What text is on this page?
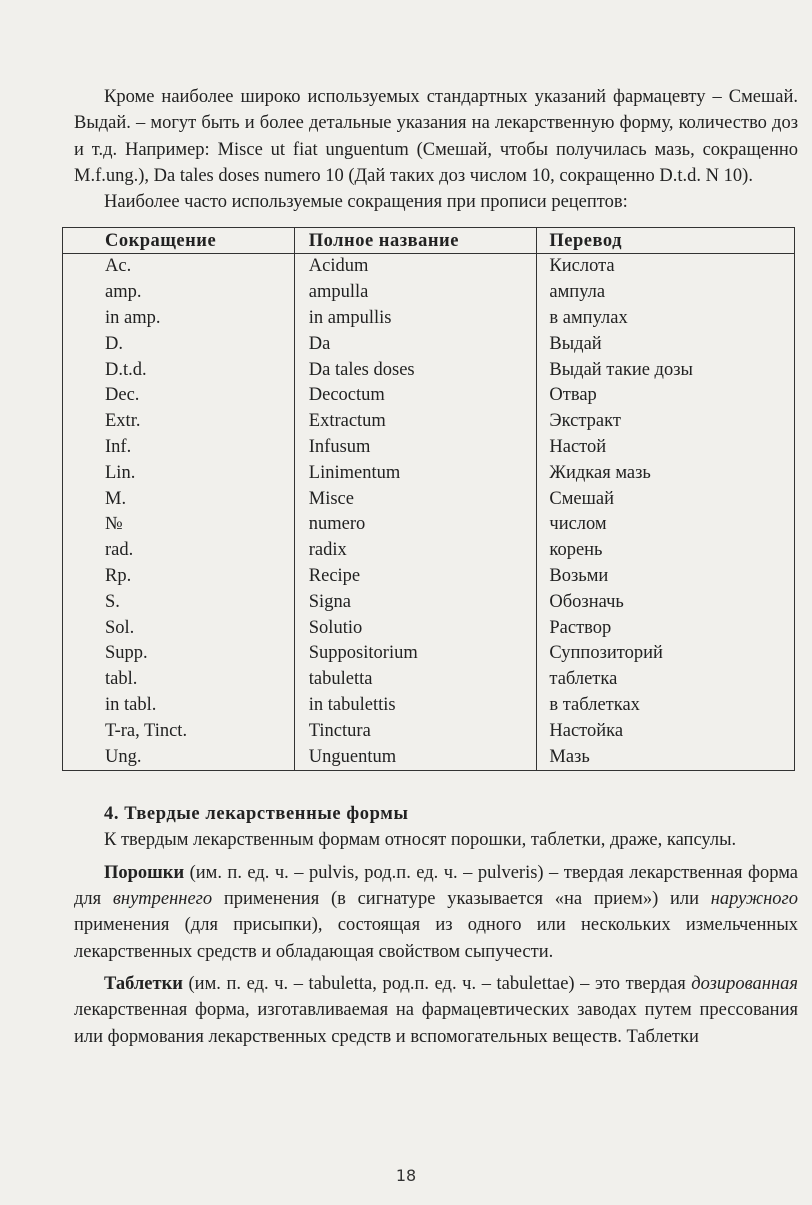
Кроме наиболее широко используемых стандартных указаний фармацевту – Смешай. Выдай. – могут быть и более детальные указания на лекарственную форму, количество доз и т.д. Например: Misce ut fiat unguentum (Смешай, чтобы получилась мазь, сокращенно M.f.ung.), Da tales doses numero 10 (Дай таких доз числом 10, сокращенно D.t.d. N 10).

Наиболее часто используемые сокращения при прописи рецептов:

Сокращение	Полное название	Перевод
Ac.	Acidum	Кислота
amp.	ampulla	ампула
in amp.	in ampullis	в ампулах
D.	Da	Выдай
D.t.d.	Da tales doses	Выдай такие дозы
Dec.	Decoctum	Отвар
Extr.	Extractum	Экстракт
Inf.	Infusum	Настой
Lin.	Linimentum	Жидкая мазь
M.	Misce	Смешай
№	numero	числом
rad.	radix	корень
Rp.	Recipe	Возьми
S.	Signa	Обозначь
Sol.	Solutio	Раствор
Supp.	Suppositorium	Суппозиторий
tabl.	tabuletta	таблетка
in tabl.	in tabulettis	в таблетках
T-ra, Tinct.	Tinctura	Настойка
Ung.	Unguentum	Мазь
4. Твердые лекарственные формы

К твердым лекарственным формам относят порошки, таблетки, драже, капсулы.

Порошки (им. п. ед. ч. – pulvis, род.п. ед. ч. – pulveris) – твердая лекарственная форма для внутреннего применения (в сигнатуре указывается «на прием») или наружного применения (для присыпки), состоящая из одного или нескольких измельченных лекарственных средств и обладающая свойством сыпучести.

Таблетки (им. п. ед. ч. – tabuletta, род.п. ед. ч. – tabulettae) – это твердая дозированная лекарственная форма, изготавливаемая на фармацевтических заводах путем прессования или формования лекарственных средств и вспомогательных веществ. Таблетки

18
